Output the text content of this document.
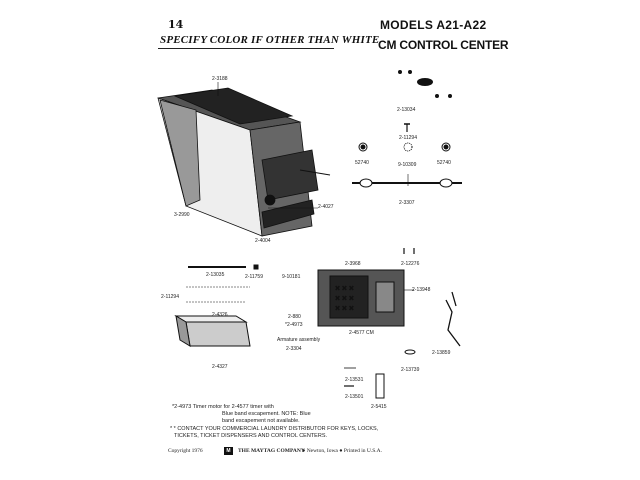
14
SPECIFY COLOR IF OTHER THAN WHITE
MODELS A21-A22
CM CONTROL CENTER
× × ×
× × ×
× × ×
2-3188
3-2990
2-4027
2-4004
2-13034
2-11294
52740	9-10309	52740
2-3307
2-13035	2-11759	9-10181
2-11294
2-4326
2-3968	2-12276
2-13948
2-880
*2-4973
2-4577 CM
Armature assembly
2-3304
2-13859
2-4327	2-13739
2-13531
2-13501
2-5415
*2-4973 Timer motor for 2-4577 timer with
Blue band escapement. NOTE: Blue
band escapement not available.
* * CONTACT YOUR COMMERCIAL LAUNDRY DISTRIBUTOR FOR KEYS, LOCKS,
TICKETS, TICKET DISPENSERS AND CONTROL CENTERS.
Copyright 1976	M	THE MAYTAG COMPANY
● Newton, Iowa ● Printed in U.S.A.
